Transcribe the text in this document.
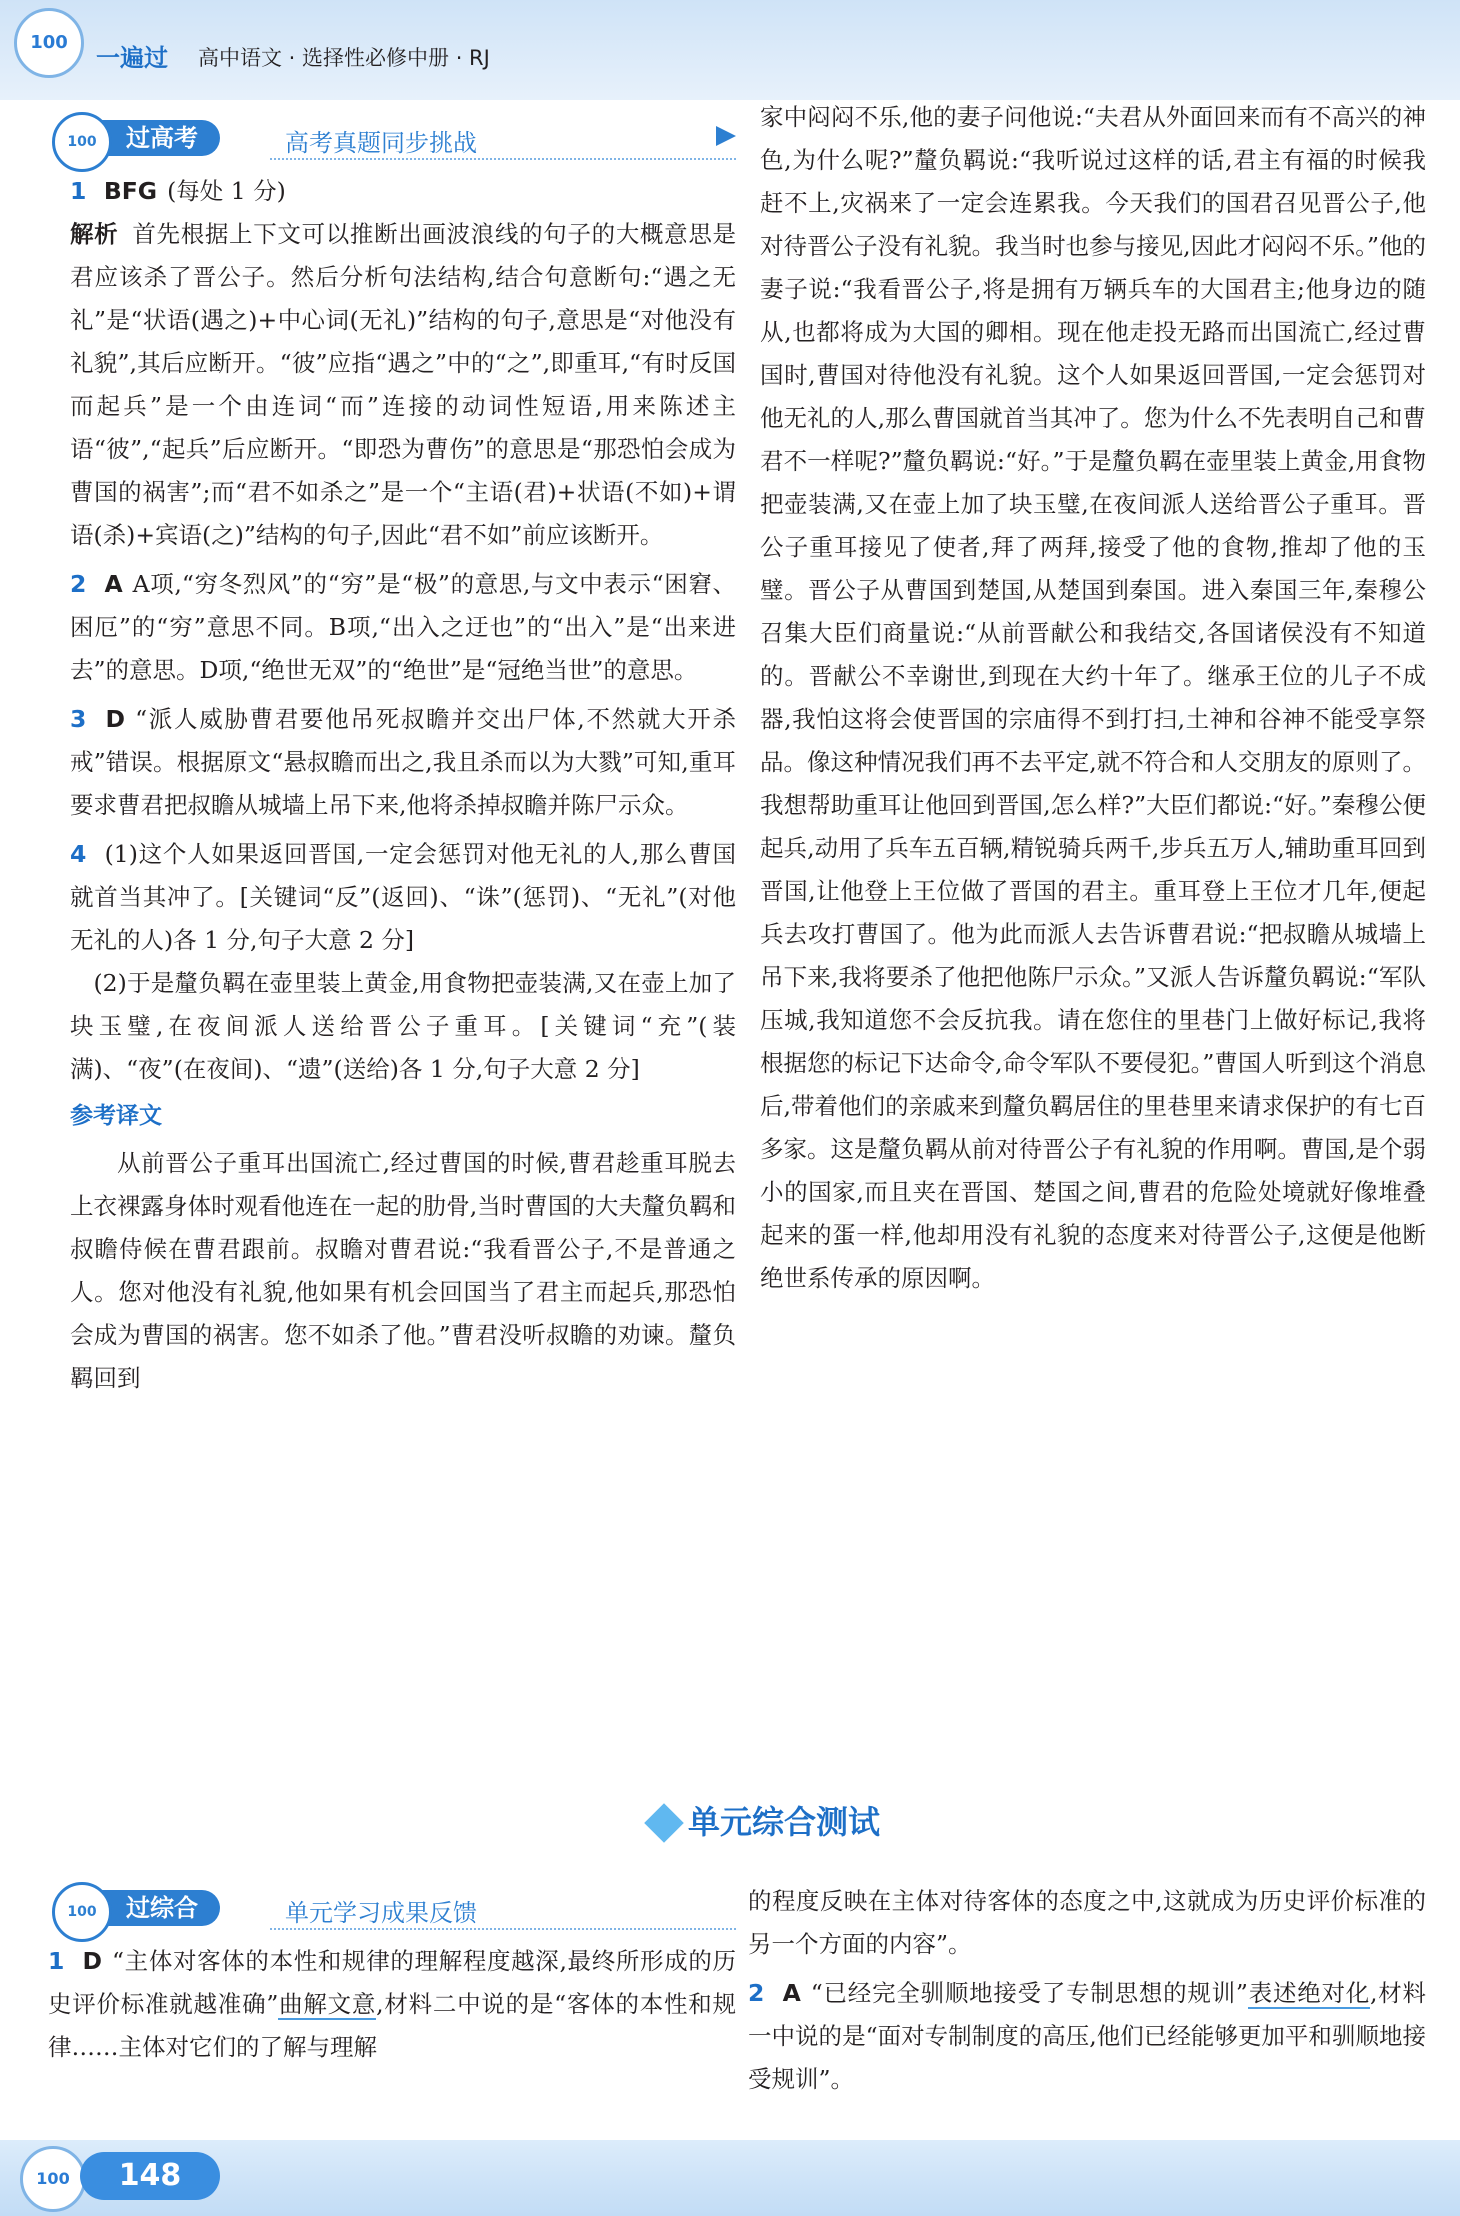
100
一遍过 高中语文 · 选择性必修中册 · RJ
100	过高考	高考真题同步挑战

1 BFG (每处 1 分)

解析 首先根据上下文可以推断出画波浪线的句子的大概意思是君应该杀了晋公子。然后分析句法结构,结合句意断句:“遇之无礼”是“状语(遇之)+中心词(无礼)”结构的句子,意思是“对他没有礼貌”,其后应断开。“彼”应指“遇之”中的“之”,即重耳,“有时反国而起兵”是一个由连词“而”连接的动词性短语,用来陈述主语“彼”,“起兵”后应断开。“即恐为曹伤”的意思是“那恐怕会成为曹国的祸害”;而“君不如杀之”是一个“主语(君)+状语(不如)+谓语(杀)+宾语(之)”结构的句子,因此“君不如”前应该断开。

2 A A项,“穷冬烈风”的“穷”是“极”的意思,与文中表示“困窘、困厄”的“穷”意思不同。B项,“出入之迂也”的“出入”是“出来进去”的意思。D项,“绝世无双”的“绝世”是“冠绝当世”的意思。

3 D “派人威胁曹君要他吊死叔瞻并交出尸体,不然就大开杀戒”错误。根据原文“悬叔瞻而出之,我且杀而以为大戮”可知,重耳要求曹君把叔瞻从城墙上吊下来,他将杀掉叔瞻并陈尸示众。

4 (1)这个人如果返回晋国,一定会惩罚对他无礼的人,那么曹国就首当其冲了。[关键词“反”(返回)、“诛”(惩罚)、“无礼”(对他无礼的人)各 1 分,句子大意 2 分]

(2)于是釐负羁在壶里装上黄金,用食物把壶装满,又在壶上加了块玉璧,在夜间派人送给晋公子重耳。[关键词“充”(装满)、“夜”(在夜间)、“遗”(送给)各 1 分,句子大意 2 分]

参考译文

从前晋公子重耳出国流亡,经过曹国的时候,曹君趁重耳脱去上衣裸露身体时观看他连在一起的肋骨,当时曹国的大夫釐负羁和叔瞻侍候在曹君跟前。叔瞻对曹君说:“我看晋公子,不是普通之人。您对他没有礼貌,他如果有机会回国当了君主而起兵,那恐怕会成为曹国的祸害。您不如杀了他。”曹君没听叔瞻的劝谏。釐负羁回到

家中闷闷不乐,他的妻子问他说:“夫君从外面回来而有不高兴的神色,为什么呢?”釐负羁说:“我听说过这样的话,君主有福的时候我赶不上,灾祸来了一定会连累我。今天我们的国君召见晋公子,他对待晋公子没有礼貌。我当时也参与接见,因此才闷闷不乐。”他的妻子说:“我看晋公子,将是拥有万辆兵车的大国君主;他身边的随从,也都将成为大国的卿相。现在他走投无路而出国流亡,经过曹国时,曹国对待他没有礼貌。这个人如果返回晋国,一定会惩罚对他无礼的人,那么曹国就首当其冲了。您为什么不先表明自己和曹君不一样呢?”釐负羁说:“好。”于是釐负羁在壶里装上黄金,用食物把壶装满,又在壶上加了块玉璧,在夜间派人送给晋公子重耳。晋公子重耳接见了使者,拜了两拜,接受了他的食物,推却了他的玉璧。晋公子从曹国到楚国,从楚国到秦国。进入秦国三年,秦穆公召集大臣们商量说:“从前晋献公和我结交,各国诸侯没有不知道的。晋献公不幸谢世,到现在大约十年了。继承王位的儿子不成器,我怕这将会使晋国的宗庙得不到打扫,土神和谷神不能受享祭品。像这种情况我们再不去平定,就不符合和人交朋友的原则了。我想帮助重耳让他回到晋国,怎么样?”大臣们都说:“好。”秦穆公便起兵,动用了兵车五百辆,精锐骑兵两千,步兵五万人,辅助重耳回到晋国,让他登上王位做了晋国的君主。重耳登上王位才几年,便起兵去攻打曹国了。他为此而派人去告诉曹君说:“把叔瞻从城墙上吊下来,我将要杀了他把他陈尸示众。”又派人告诉釐负羁说:“军队压城,我知道您不会反抗我。请在您住的里巷门上做好标记,我将根据您的标记下达命令,命令军队不要侵犯。”曹国人听到这个消息后,带着他们的亲戚来到釐负羁居住的里巷里来请求保护的有七百多家。这是釐负羁从前对待晋公子有礼貌的作用啊。曹国,是个弱小的国家,而且夹在晋国、楚国之间,曹君的危险处境就好像堆叠起来的蛋一样,他却用没有礼貌的态度来对待晋公子,这便是他断绝世系传承的原因啊。

单元综合测试
100	过综合	单元学习成果反馈

1 D “主体对客体的本性和规律的理解程度越深,最终所形成的历史评价标准就越准确”曲解文意,材料二中说的是“客体的本性和规律……主体对它们的了解与理解

的程度反映在主体对待客体的态度之中,这就成为历史评价标准的另一个方面的内容”。

2 A “已经完全驯顺地接受了专制思想的规训”表述绝对化,材料一中说的是“面对专制制度的高压,他们已经能够更加平和驯顺地接受规训”。

100	148
